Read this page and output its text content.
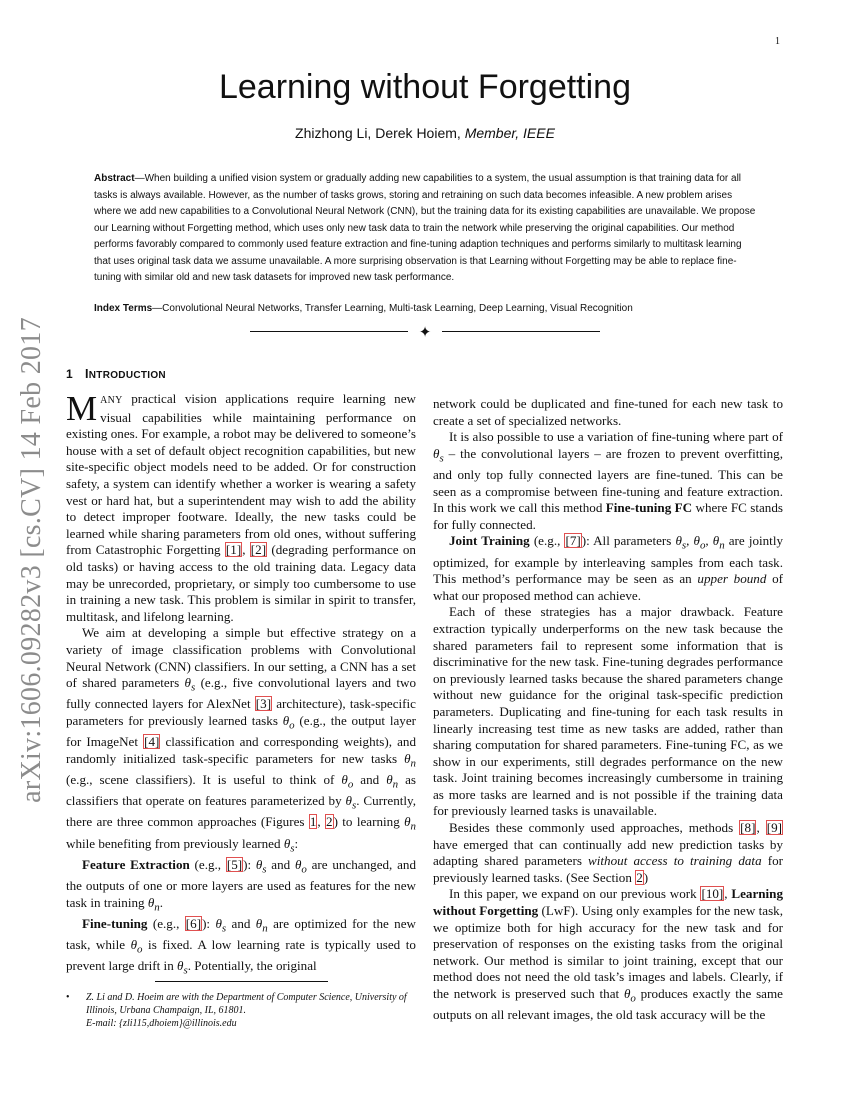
1
arXiv:1606.09282v3 [cs.CV] 14 Feb 2017
Learning without Forgetting
Zhizhong Li, Derek Hoiem, Member, IEEE
Abstract—When building a unified vision system or gradually adding new capabilities to a system, the usual assumption is that training data for all tasks is always available. However, as the number of tasks grows, storing and retraining on such data becomes infeasible. A new problem arises where we add new capabilities to a Convolutional Neural Network (CNN), but the training data for its existing capabilities are unavailable. We propose our Learning without Forgetting method, which uses only new task data to train the network while preserving the original capabilities. Our method performs favorably compared to commonly used feature extraction and fine-tuning adaption techniques and performs similarly to multitask learning that uses original task data we assume unavailable. A more surprising observation is that Learning without Forgetting may be able to replace fine-tuning with similar old and new task datasets for improved new task performance.
Index Terms—Convolutional Neural Networks, Transfer Learning, Multi-task Learning, Deep Learning, Visual Recognition
✦
1 INTRODUCTION

MANY practical vision applications require learning new visual capabilities while maintaining performance on existing ones. For example, a robot may be delivered to someone’s house with a set of default object recognition capabilities, but new site-specific object models need to be added. Or for construction safety, a system can identify whether a worker is wearing a safety vest or hard hat, but a superintendent may wish to add the ability to detect improper footware. Ideally, the new tasks could be learned while sharing parameters from old ones, without suffering from Catastrophic Forgetting [1], [2] (degrading performance on old tasks) or having access to the old training data. Legacy data may be unrecorded, proprietary, or simply too cumbersome to use in training a new task. This problem is similar in spirit to transfer, multitask, and lifelong learning.

We aim at developing a simple but effective strategy on a variety of image classification problems with Convolutional Neural Network (CNN) classifiers. In our setting, a CNN has a set of shared parameters $\theta_s$ (e.g., five convolutional layers and two fully connected layers for AlexNet [3] architecture), task-specific parameters for previously learned tasks $\theta_o$ (e.g., the output layer for ImageNet [4] classification and corresponding weights), and randomly initialized task-specific parameters for new tasks $\theta_n$ (e.g., scene classifiers). It is useful to think of $\theta_o$ and $\theta_n$ as classifiers that operate on features parameterized by $\theta_s$. Currently, there are three common approaches (Figures 1, 2) to learning $\theta_n$ while benefiting from previously learned $\theta_s$:

Feature Extraction (e.g., [5]): $\theta_s$ and $\theta_o$ are unchanged, and the outputs of one or more layers are used as features for the new task in training $\theta_n$.

Fine-tuning (e.g., [6]): $\theta_s$ and $\theta_n$ are optimized for the new task, while $\theta_o$ is fixed. A low learning rate is typically used to prevent large drift in $\theta_s$. Potentially, the original

network could be duplicated and fine-tuned for each new task to create a set of specialized networks.

It is also possible to use a variation of fine-tuning where part of $\theta_s$ – the convolutional layers – are frozen to prevent overfitting, and only top fully connected layers are fine-tuned. This can be seen as a compromise between fine-tuning and feature extraction. In this work we call this method Fine-tuning FC where FC stands for fully connected.

Joint Training (e.g., [7]): All parameters $\theta_s$, $\theta_o$, $\theta_n$ are jointly optimized, for example by interleaving samples from each task. This method’s performance may be seen as an upper bound of what our proposed method can achieve.

Each of these strategies has a major drawback. Feature extraction typically underperforms on the new task because the shared parameters fail to represent some information that is discriminative for the new task. Fine-tuning degrades performance on previously learned tasks because the shared parameters change without new guidance for the original task-specific prediction parameters. Duplicating and fine-tuning for each task results in linearly increasing test time as new tasks are added, rather than sharing computation for shared parameters. Fine-tuning FC, as we show in our experiments, still degrades performance on the new task. Joint training becomes increasingly cumbersome in training as more tasks are learned and is not possible if the training data for previously learned tasks is unavailable.

Besides these commonly used approaches, methods [8], [9] have emerged that can continually add new prediction tasks by adapting shared parameters without access to training data for previously learned tasks. (See Section 2)

In this paper, we expand on our previous work [10], Learning without Forgetting (LwF). Using only examples for the new task, we optimize both for high accuracy for the new task and for preservation of responses on the existing tasks from the original network. Our method is similar to joint training, except that our method does not need the old task’s images and labels. Clearly, if the network is preserved such that $\theta_o$ produces exactly the same outputs on all relevant images, the old task accuracy will be the

• Z. Li and D. Hoeim are with the Department of Computer Science, University of Illinois, Urbana Champaign, IL, 61801.
E-mail: {zli115,dhoiem}@illinois.edu
